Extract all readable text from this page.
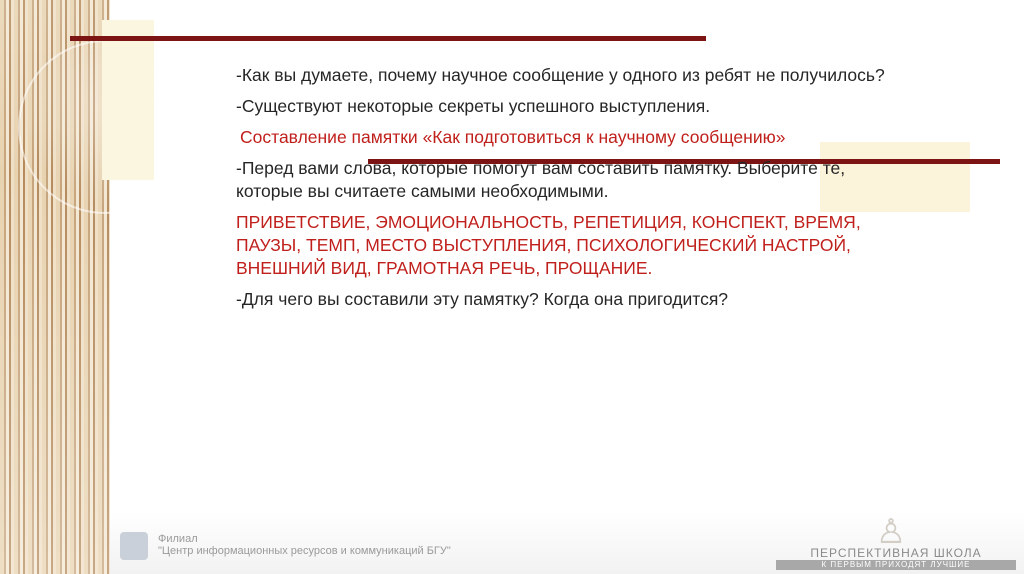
-Как вы думаете, почему научное сообщение у одного из ребят не получилось?

-Существуют некоторые секреты успешного выступления.

Составление памятки «Как подготовиться к научному сообщению»

-Перед вами слова, которые помогут вам составить памятку. Выберите те, которые вы считаете самыми необходимыми.

ПРИВЕТСТВИЕ, ЭМОЦИОНАЛЬНОСТЬ, РЕПЕТИЦИЯ, КОНСПЕКТ, ВРЕМЯ, ПАУЗЫ, ТЕМП, МЕСТО ВЫСТУПЛЕНИЯ, ПСИХОЛОГИЧЕСКИЙ НАСТРОЙ, ВНЕШНИЙ ВИД, ГРАМОТНАЯ РЕЧЬ, ПРОЩАНИЕ.

-Для чего вы составили эту памятку? Когда она пригодится?

Филиал
"Центр информационных ресурсов и коммуникаций БГУ"	♙
ПЕРСПЕКТИВНАЯ ШКОЛА
К ПЕРВЫМ ПРИХОДЯТ ЛУЧШИЕ
